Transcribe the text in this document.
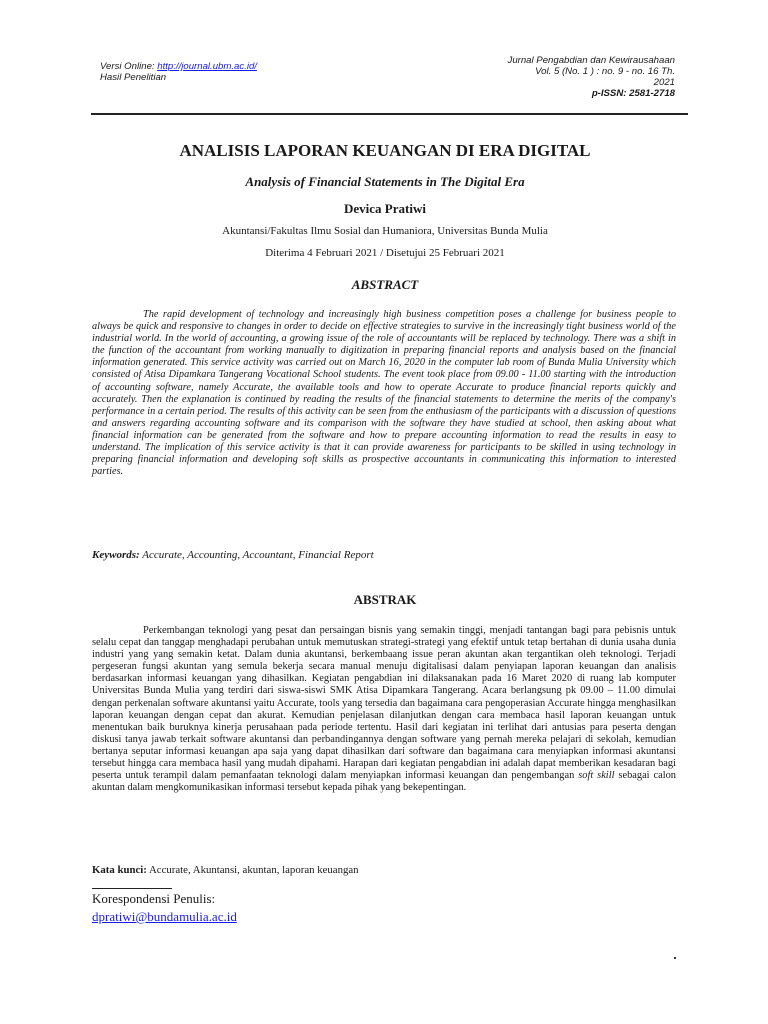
Versi Online: http://journal.ubm.ac.id/
Hasil Penelitian
Jurnal Pengabdian dan Kewirausahaan
Vol. 5 (No. 1 ) : no. 9 - no. 16 Th.
2021
p-ISSN: 2581-2718
ANALISIS LAPORAN KEUANGAN DI ERA DIGITAL
Analysis of Financial Statements in The Digital Era
Devica Pratiwi
Akuntansi/Fakultas Ilmu Sosial dan Humaniora, Universitas Bunda Mulia
Diterima 4 Februari 2021 / Disetujui 25 Februari 2021
ABSTRACT
The rapid development of technology and increasingly high business competition poses a challenge for business people to always be quick and responsive to changes in order to decide on effective strategies to survive in the increasingly tight business world of the industrial world. In the world of accounting, a growing issue of the role of accountants will be replaced by technology. There was a shift in the function of the accountant from working manually to digitization in preparing financial reports and analysis based on the financial information generated. This service activity was carried out on March 16, 2020 in the computer lab room of Bunda Mulia University which consisted of Atisa Dipamkara Tangerang Vocational School students. The event took place from 09.00 - 11.00 starting with the introduction of accounting software, namely Accurate, the available tools and how to operate Accurate to produce financial reports quickly and accurately. Then the explanation is continued by reading the results of the financial statements to determine the merits of the company's performance in a certain period. The results of this activity can be seen from the enthusiasm of the participants with a discussion of questions and answers regarding accounting software and its comparison with the software they have studied at school, then asking about what financial information can be generated from the software and how to prepare accounting information to read the results in easy to understand. The implication of this service activity is that it can provide awareness for participants to be skilled in using technology in preparing financial information and developing soft skills as prospective accountants in communicating this information to interested parties.
Keywords: Accurate, Accounting, Accountant, Financial Report
ABSTRAK
Perkembangan teknologi yang pesat dan persaingan bisnis yang semakin tinggi, menjadi tantangan bagi para pebisnis untuk selalu cepat dan tanggap menghadapi perubahan untuk memutuskan strategi-strategi yang efektif untuk tetap bertahan di dunia usaha dunia industri yang yang semakin ketat. Dalam dunia akuntansi, berkembaang issue peran akuntan akan tergantikan oleh teknologi. Terjadi pergeseran fungsi akuntan yang semula bekerja secara manual menuju digitalisasi dalam penyiapan laporan keuangan dan analisis berdasarkan informasi keuangan yang dihasilkan. Kegiatan pengabdian ini dilaksanakan pada 16 Maret 2020 di ruang lab komputer Universitas Bunda Mulia yang terdiri dari siswa-siswi SMK Atisa Dipamkara Tangerang. Acara berlangsung pk 09.00 – 11.00 dimulai dengan perkenalan software akuntansi yaitu Accurate, tools yang tersedia dan bagaimana cara pengoperasian Accurate hingga menghasilkan laporan keuangan dengan cepat dan akurat. Kemudian penjelasan dilanjutkan dengan cara membaca hasil laporan keuangan untuk menentukan baik buruknya kinerja perusahaan pada periode tertentu. Hasil dari kegiatan ini terlihat dari antusias para peserta dengan diskusi tanya jawab terkait software akuntansi dan perbandingannya dengan software yang pernah mereka pelajari di sekolah, kemudian bertanya seputar informasi keuangan apa saja yang dapat dihasilkan dari software dan bagaimana cara menyiapkan informasi akuntansi tersebut hingga cara membaca hasil yang mudah dipahami. Harapan dari kegiatan pengabdian ini adalah dapat memberikan kesadaran bagi peserta untuk terampil dalam pemanfaatan teknologi dalam menyiapkan informasi keuangan dan pengembangan soft skill sebagai calon akuntan dalam mengkomunikasikan informasi tersebut kepada pihak yang bekepentingan.
Kata kunci: Accurate, Akuntansi, akuntan, laporan keuangan
Korespondensi Penulis:
dpratiwi@bundamulia.ac.id
